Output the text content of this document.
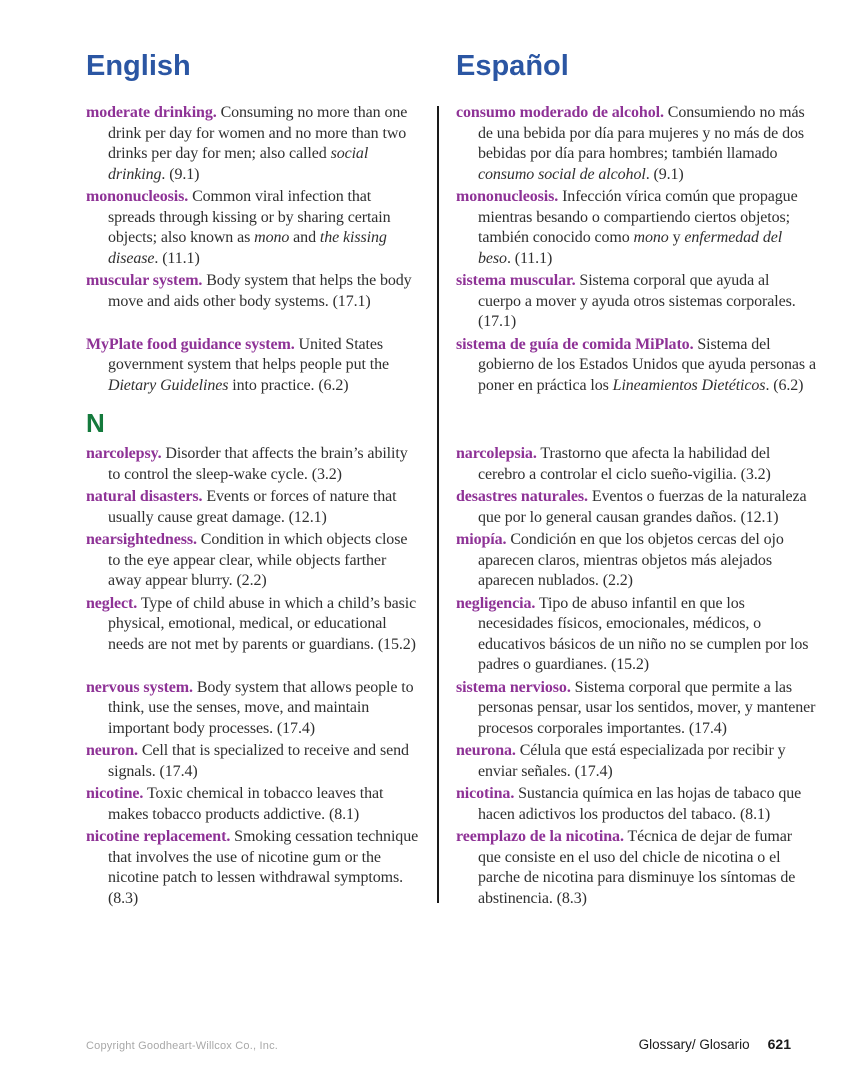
English	Español

moderate drinking. Consuming no more than one drink per day for women and no more than two drinks per day for men; also called social drinking. (9.1)

consumo moderado de alcohol. Consumiendo no más de una bebida por día para mujeres y no más de dos bebidas por día para hombres; también llamado consumo social de alcohol. (9.1)

mononucleosis. Common viral infection that spreads through kissing or by sharing certain objects; also known as mono and the kissing disease. (11.1)

mononucleosis. Infección vírica común que propague mientras besando o compartiendo ciertos objetos; también conocido como mono y enfermedad del beso. (11.1)

muscular system. Body system that helps the body move and aids other body systems. (17.1)

sistema muscular. Sistema corporal que ayuda al cuerpo a mover y ayuda otros sistemas corporales. (17.1)

MyPlate food guidance system. United States government system that helps people put the Dietary Guidelines into practice. (6.2)

sistema de guía de comida MiPlato. Sistema del gobierno de los Estados Unidos que ayuda personas a poner en práctica los Lineamientos Dietéticos. (6.2)

N

narcolepsy. Disorder that affects the brain’s ability to control the sleep-wake cycle. (3.2)

narcolepsia. Trastorno que afecta la habilidad del cerebro a controlar el ciclo sueño-vigilia. (3.2)

natural disasters. Events or forces of nature that usually cause great damage. (12.1)

desastres naturales. Eventos o fuerzas de la naturaleza que por lo general causan grandes daños. (12.1)

nearsightedness. Condition in which objects close to the eye appear clear, while objects farther away appear blurry. (2.2)

miopía. Condición en que los objetos cercas del ojo aparecen claros, mientras objetos más alejados aparecen nublados. (2.2)

neglect. Type of child abuse in which a child’s basic physical, emotional, medical, or educational needs are not met by parents or guardians. (15.2)

negligencia. Tipo de abuso infantil en que los necesidades físicos, emocionales, médicos, o educativos básicos de un niño no se cumplen por los padres o guardianes. (15.2)

nervous system. Body system that allows people to think, use the senses, move, and maintain important body processes. (17.4)

sistema nervioso. Sistema corporal que permite a las personas pensar, usar los sentidos, mover, y mantener procesos corporales importantes. (17.4)

neuron. Cell that is specialized to receive and send signals. (17.4)

neurona. Célula que está especializada por recibir y enviar señales. (17.4)

nicotine. Toxic chemical in tobacco leaves that makes tobacco products addictive. (8.1)

nicotina. Sustancia química en las hojas de tabaco que hacen adictivos los productos del tabaco. (8.1)

nicotine replacement. Smoking cessation technique that involves the use of nicotine gum or the nicotine patch to lessen withdrawal symptoms. (8.3)

reemplazo de la nicotina. Técnica de dejar de fumar que consiste en el uso del chicle de nicotina o el parche de nicotina para disminuye los síntomas de abstinencia. (8.3)

Copyright Goodheart-Willcox Co., Inc.	Glossary/ Glosario 621
